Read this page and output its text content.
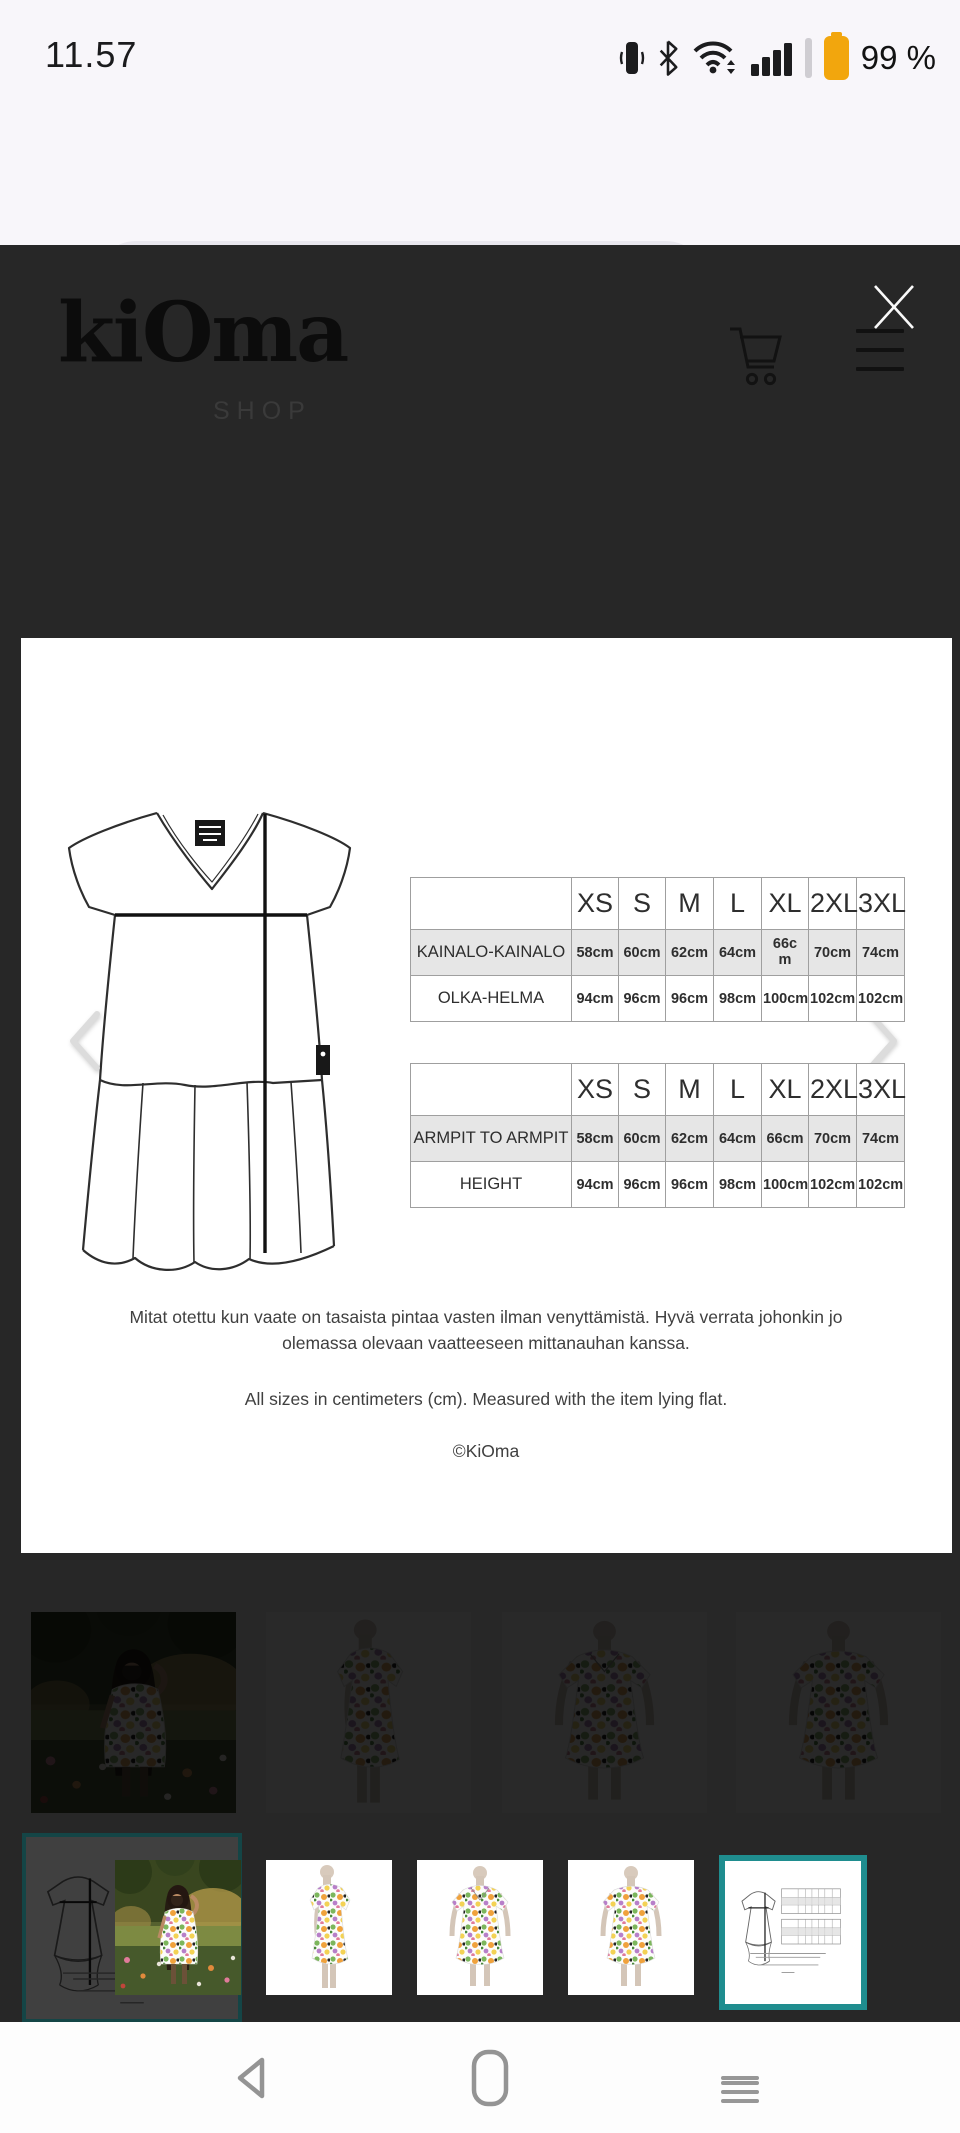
11.57	99 %
kiOma
SHOP
	XS	S	M	L	XL	2XL	3XL
KAINALO-KAINALO	58cm	60cm	62cm	64cm	66cm	70cm	74cm
OLKA-HELMA	94cm	96cm	96cm	98cm	100cm	102cm	102cm
	XS	S	M	L	XL	2XL	3XL
ARMPIT TO ARMPIT	58cm	60cm	62cm	64cm	66cm	70cm	74cm
HEIGHT	94cm	96cm	96cm	98cm	100cm	102cm	102cm
Mitat otettu kun vaate on tasaista pintaa vasten ilman venyttämistä. Hyvä verrata johonkin jo olemassa olevaan vaatteeseen mittanauhan kanssa.
All sizes in centimeters (cm). Measured with the item lying flat.
©KiOma
